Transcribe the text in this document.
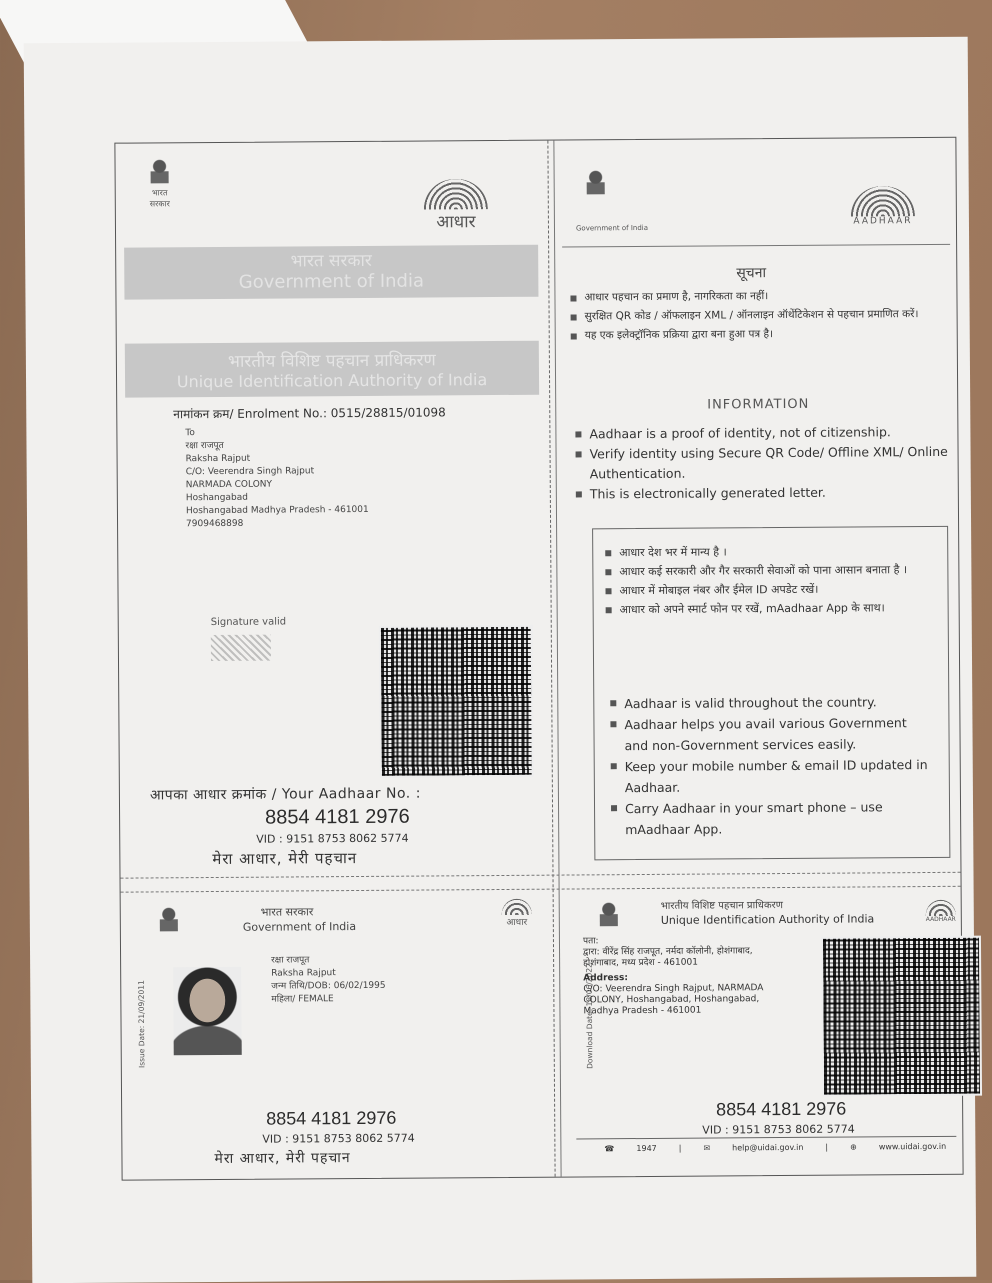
भारत सरकार
आधार
भारत सरकार
Government of India
भारतीय विशिष्ट पहचान प्राधिकरण
Unique Identification Authority of India
नामांकन क्रम/ Enrolment No.: 0515/28815/01098
To
रक्षा राजपूत
Raksha Rajput
C/O: Veerendra Singh Rajput
NARMADA COLONY
Hoshangabad
Hoshangabad Madhya Pradesh - 461001
7909468898
Signature valid
आपका आधार क्रमांक / Your Aadhaar No. :
8854 4181 2976
VID : 9151 8753 8062 5774
मेरा आधार, मेरी पहचान
Government of India
AADHAAR
सूचना
आधार पहचान का प्रमाण है, नागरिकता का नहीं।
सुरक्षित QR कोड / ऑफलाइन XML / ऑनलाइन ऑथेंटिकेशन से पहचान प्रमाणित करें।
यह एक इलेक्ट्रॉनिक प्रक्रिया द्वारा बना हुआ पत्र है।
INFORMATION
Aadhaar is a proof of identity, not of citizenship.
Verify identity using Secure QR Code/ Offline XML/ Online Authentication.
This is electronically generated letter.
आधार देश भर में मान्य है ।
आधार कई सरकारी और गैर सरकारी सेवाओं को पाना आसान बनाता है ।
आधार में मोबाइल नंबर और ईमेल ID अपडेट रखें।
आधार को अपने स्मार्ट फोन पर रखें, mAadhaar App के साथ।
Aadhaar is valid throughout the country.
Aadhaar helps you avail various Government and non-Government services easily.
Keep your mobile number & email ID updated in Aadhaar.
Carry Aadhaar in your smart phone – use mAadhaar App.
भारत सरकार
Government of India	आधार
Issue Date: 21/09/2011
रक्षा राजपूत
Raksha Rajput
जन्म तिथि/DOB: 06/02/1995
महिला/ FEMALE
8854 4181 2976
VID : 9151 8753 8062 5774
मेरा आधार, मेरी पहचान
भारतीय विशिष्ट पहचान प्राधिकरण
Unique Identification Authority of India	AADHAAR
Download Date: 18/06/2022
पता:
द्वारा: वीरेंद्र सिंह राजपूत, नर्मदा कॉलोनी, होशंगाबाद, होशंगाबाद, मध्य प्रदेश - 461001
Address:
C/O: Veerendra Singh Rajput, NARMADA COLONY, Hoshangabad, Hoshangabad, Madhya Pradesh - 461001
8854 4181 2976
VID : 9151 8753 8062 5774
☎	1947	|	✉	help@uidai.gov.in	|	⊕	www.uidai.gov.in
